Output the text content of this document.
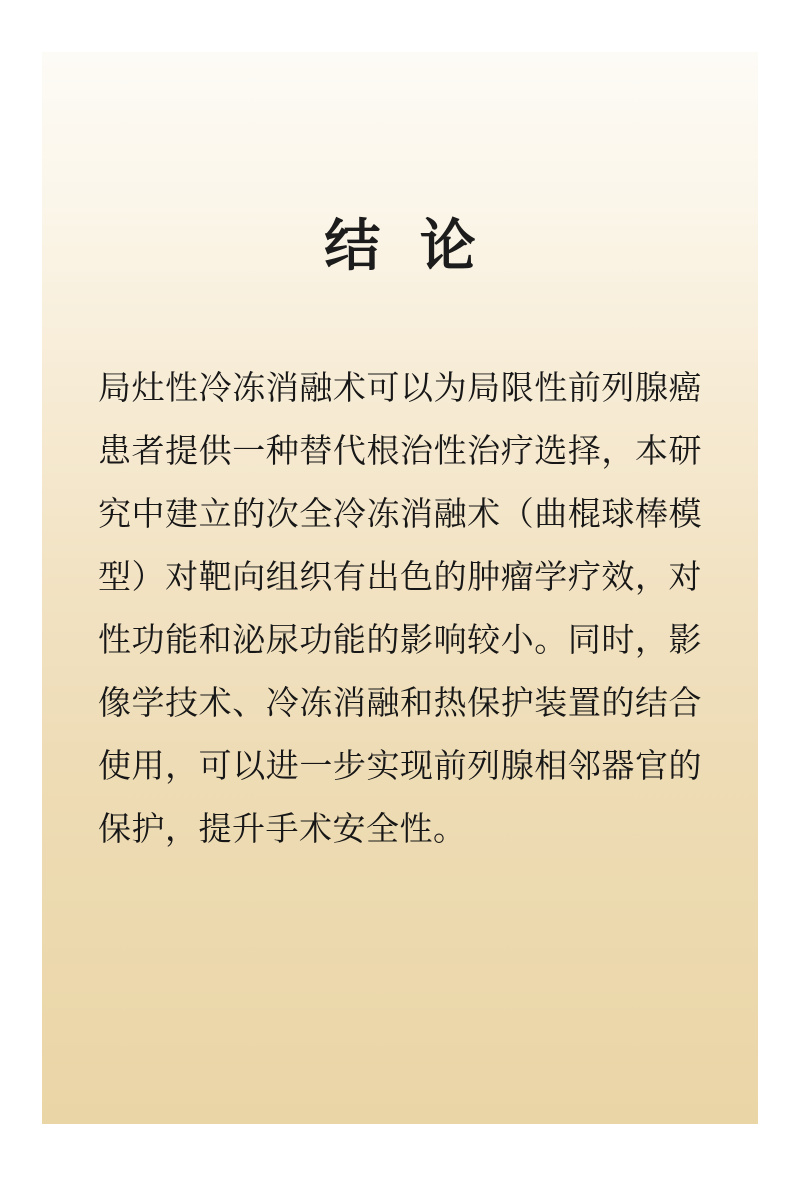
结 论

局灶性冷冻消融术可以为局限性前列腺癌患者提供一种替代根治性治疗选择，本研究中建立的次全冷冻消融术（曲棍球棒模型）对靶向组织有出色的肿瘤学疗效，对性功能和泌尿功能的影响较小。同时，影像学技术、冷冻消融和热保护装置的结合使用，可以进一步实现前列腺相邻器官的保护，提升手术安全性。
